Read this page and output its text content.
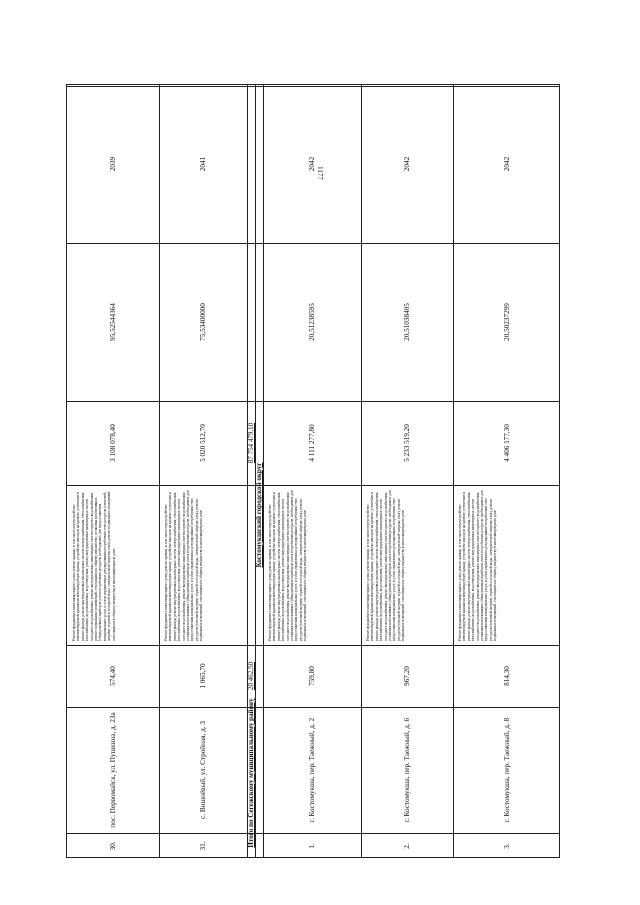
1177
2039
95,52544364
3 108 078,40

Ремонт фундамента многоквартирного дома; ремонт крыши, в том числе переустройство невентилируемой крыши на вентилируемую крышу, устройство выходов на кровлю; утепление и ремонт фасада; ремонт внутридомовых инженерных систем электроснабжения, теплоснабжения, газоснабжения, водоснабжения, водоотведения, ремонт внутридомовых инженерных систем холодного водоснабжения, ремонт внутридомовых инженерных систем горячего водоснабжения, ремонт подвальных помещений, относящихся к общему имуществу; установка коллективных (общедомовых) приборов учета потребления ресурсов, необходимых для предоставления коммунальных услуг, и узлов управления и регулирования потребления этих ресурсов (тепловой энергии, горячей и холодной воды, электрической энергии, газа), ремонт подвальных помещений, относящихся к общему имуществу в многоквартирном доме

574,40
пос. Первомайск, ул. Пушкина, д. 23а
30.
2041
75,53400000
5 020 512,70

Ремонт фундамента многоквартирного дома; ремонт крыши, в том числе переустройство невентилируемой крыши на вентилируемую крышу, устройство выходов на кровлю; утепление и ремонт фасада; ремонт внутридомовых инженерных систем электроснабжения, теплоснабжения, газоснабжения, водоснабжения, водоотведения, ремонт внутридомовых инженерных систем холодного водоснабжения, ремонт внутридомовых инженерных систем горячего водоснабжения; установка коллективных (общедомовых) приборов учета потребления ресурсов, необходимых для предоставления коммунальных услуг, и узлов управления и регулирования потребления этих ресурсов (тепловой энергии, горячей и холодной воды, электрической энергии, газа), ремонт подвальных помещений, относящихся к общему имуществу в многоквартирном доме

1 065,70
с. Вишнёвый, ул. Стройная, д. 3
31.
2042
20,51238595
4 111 277,80

Ремонт фундамента многоквартирного дома; ремонт крыши, в том числе переустройство невентилируемой крыши на вентилируемую крышу, устройство выходов на кровлю; утепление и ремонт фасада; ремонт внутридомовых инженерных систем электроснабжения, теплоснабжения, газоснабжения, водоснабжения, водоотведения, ремонт внутридомовых инженерных систем холодного водоснабжения, ремонт внутридомовых инженерных систем горячего водоснабжения; установка коллективных (общедомовых) приборов учета потребления ресурсов, необходимых для предоставления коммунальных услуг, и узлов управления и регулирования потребления этих ресурсов (тепловой энергии, горячей и холодной воды, электрической энергии, газа), ремонт подвальных помещений, относящихся к общему имуществу в многоквартирном доме

759,80
г. Костомукша, пер. Таежный, д. 2
1.
2042
20,51038405
5 233 519,20

Ремонт фундамента многоквартирного дома; ремонт крыши, в том числе переустройство невентилируемой крыши на вентилируемую крышу, устройство выходов на кровлю; утепление и ремонт фасада; ремонт внутридомовых инженерных систем электроснабжения, теплоснабжения, газоснабжения, водоснабжения, водоотведения, ремонт внутридомовых инженерных систем холодного водоснабжения, ремонт внутридомовых инженерных систем горячего водоснабжения; установка коллективных (общедомовых) приборов учета потребления ресурсов, необходимых для предоставления коммунальных услуг, и узлов управления и регулирования потребления этих ресурсов (тепловой энергии, горячей и холодной воды, электрической энергии, газа), ремонт подвальных помещений, относящихся к общему имуществу в многоквартирном доме

967,20
г. Костомукша, пер. Таежный, д. 6
2.
2042
20,50237299
4 406 177,30

Ремонт фундамента многоквартирного дома; ремонт крыши, в том числе переустройство невентилируемой крыши на вентилируемую крышу, устройство выходов на кровлю; утепление и ремонт фасада; ремонт внутридомовых инженерных систем электроснабжения, теплоснабжения, газоснабжения, водоснабжения, водоотведения, ремонт внутридомовых инженерных систем холодного водоснабжения, ремонт внутридомовых инженерных систем горячего водоснабжения; установка коллективных (общедомовых) приборов учета потребления ресурсов, необходимых для предоставления коммунальных услуг, и узлов управления и регулирования потребления этих ресурсов (тепловой энергии, горячей и холодной воды, электрической энергии, газа), ремонт подвальных помещений, относящихся к общему имуществу в многоквартирном доме

814,30
г. Костомукша, пер. Таежный, д. 8
3.
87 754 479,10
20 462,50
Итого по Сегежскому муниципальному району
Костомукшский городской округ
